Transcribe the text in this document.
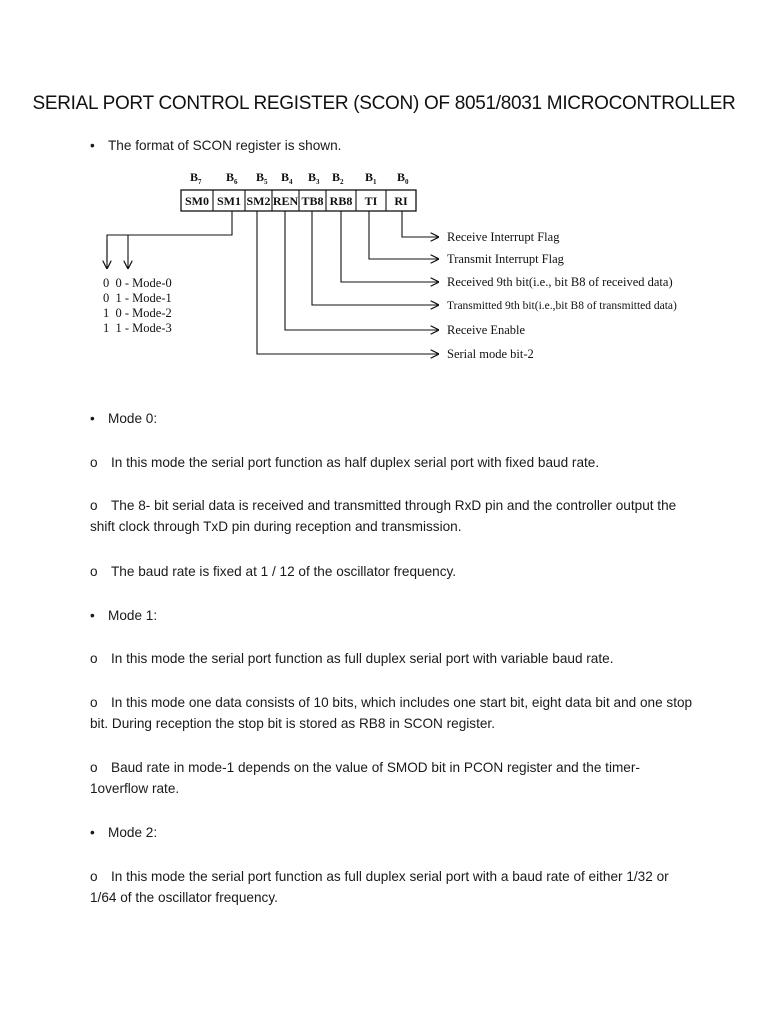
SERIAL PORT CONTROL REGISTER (SCON) OF 8051/8031 MICROCONTROLLER
• The format of SCON register is shown.
$B_7$ $B_6$ $B_5$ $B_4$ $B_3$ $B_2$ $B_1$ $B_0$
SM0 SM1 SM2 REN TB8 RB8 TI RI
Receive Interrupt Flag
Transmit Interrupt Flag
Received 9th bit(i.e., bit B8 of received data)
Transmitted 9th bit(i.e.,bit B8 of transmitted data)
Receive Enable
Serial mode bit-2
0  0 - Mode-0
0  1 - Mode-1
1  0 - Mode-2
1  1 - Mode-3
• Mode 0:
o In this mode the serial port function as half duplex serial port with fixed baud rate.
o The 8- bit serial data is received and transmitted through RxD pin and the controller output the
shift clock through TxD pin during reception and transmission.
o The baud rate is fixed at 1 / 12 of the oscillator frequency.
• Mode 1:
o In this mode the serial port function as full duplex serial port with variable baud rate.
o In this mode one data consists of 10 bits, which includes one start bit, eight data bit and one stop
bit. During reception the stop bit is stored as RB8 in SCON register.
o Baud rate in mode-1 depends on the value of SMOD bit in PCON register and the timer-
1overflow rate.
• Mode 2:
o In this mode the serial port function as full duplex serial port with a baud rate of either 1/32 or
1/64 of the oscillator frequency.
